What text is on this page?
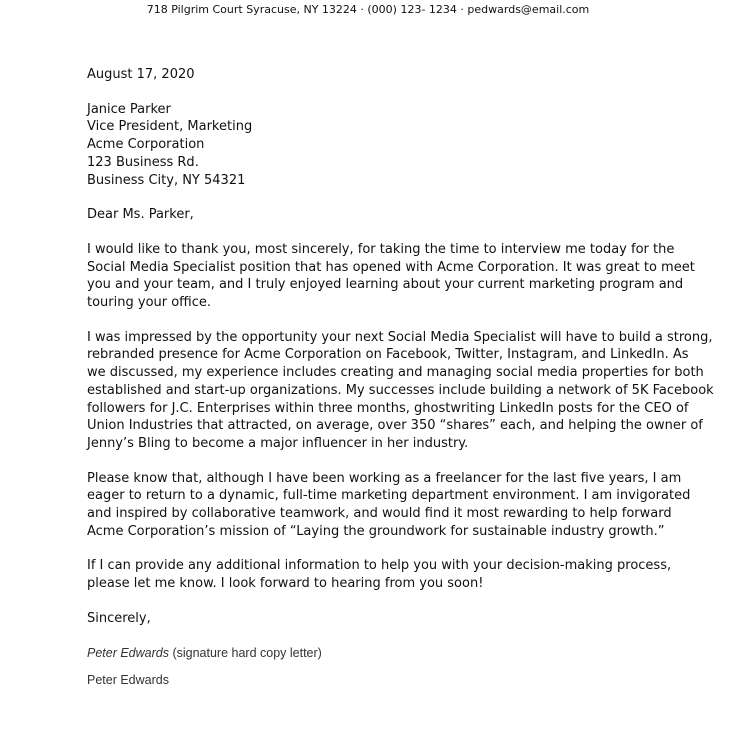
718 Pilgrim Court Syracuse, NY 13224 · (000) 123- 1234 · pedwards@email.com
August 17, 2020
Janice Parker
Vice President, Marketing
Acme Corporation
123 Business Rd.
Business City, NY 54321
Dear Ms. Parker,
I would like to thank you, most sincerely, for taking the time to interview me today for the
Social Media Specialist position that has opened with Acme Corporation. It was great to meet
you and your team, and I truly enjoyed learning about your current marketing program and
touring your office.
I was impressed by the opportunity your next Social Media Specialist will have to build a strong,
rebranded presence for Acme Corporation on Facebook, Twitter, Instagram, and LinkedIn. As
we discussed, my experience includes creating and managing social media properties for both
established and start-up organizations. My successes include building a network of 5K Facebook
followers for J.C. Enterprises within three months, ghostwriting LinkedIn posts for the CEO of
Union Industries that attracted, on average, over 350 “shares” each, and helping the owner of
Jenny’s Bling to become a major influencer in her industry.
Please know that, although I have been working as a freelancer for the last five years, I am
eager to return to a dynamic, full-time marketing department environment. I am invigorated
and inspired by collaborative teamwork, and would find it most rewarding to help forward
Acme Corporation’s mission of “Laying the groundwork for sustainable industry growth.”
If I can provide any additional information to help you with your decision-making process,
please let me know. I look forward to hearing from you soon!
Sincerely,
Peter Edwards (signature hard copy letter)
Peter Edwards
